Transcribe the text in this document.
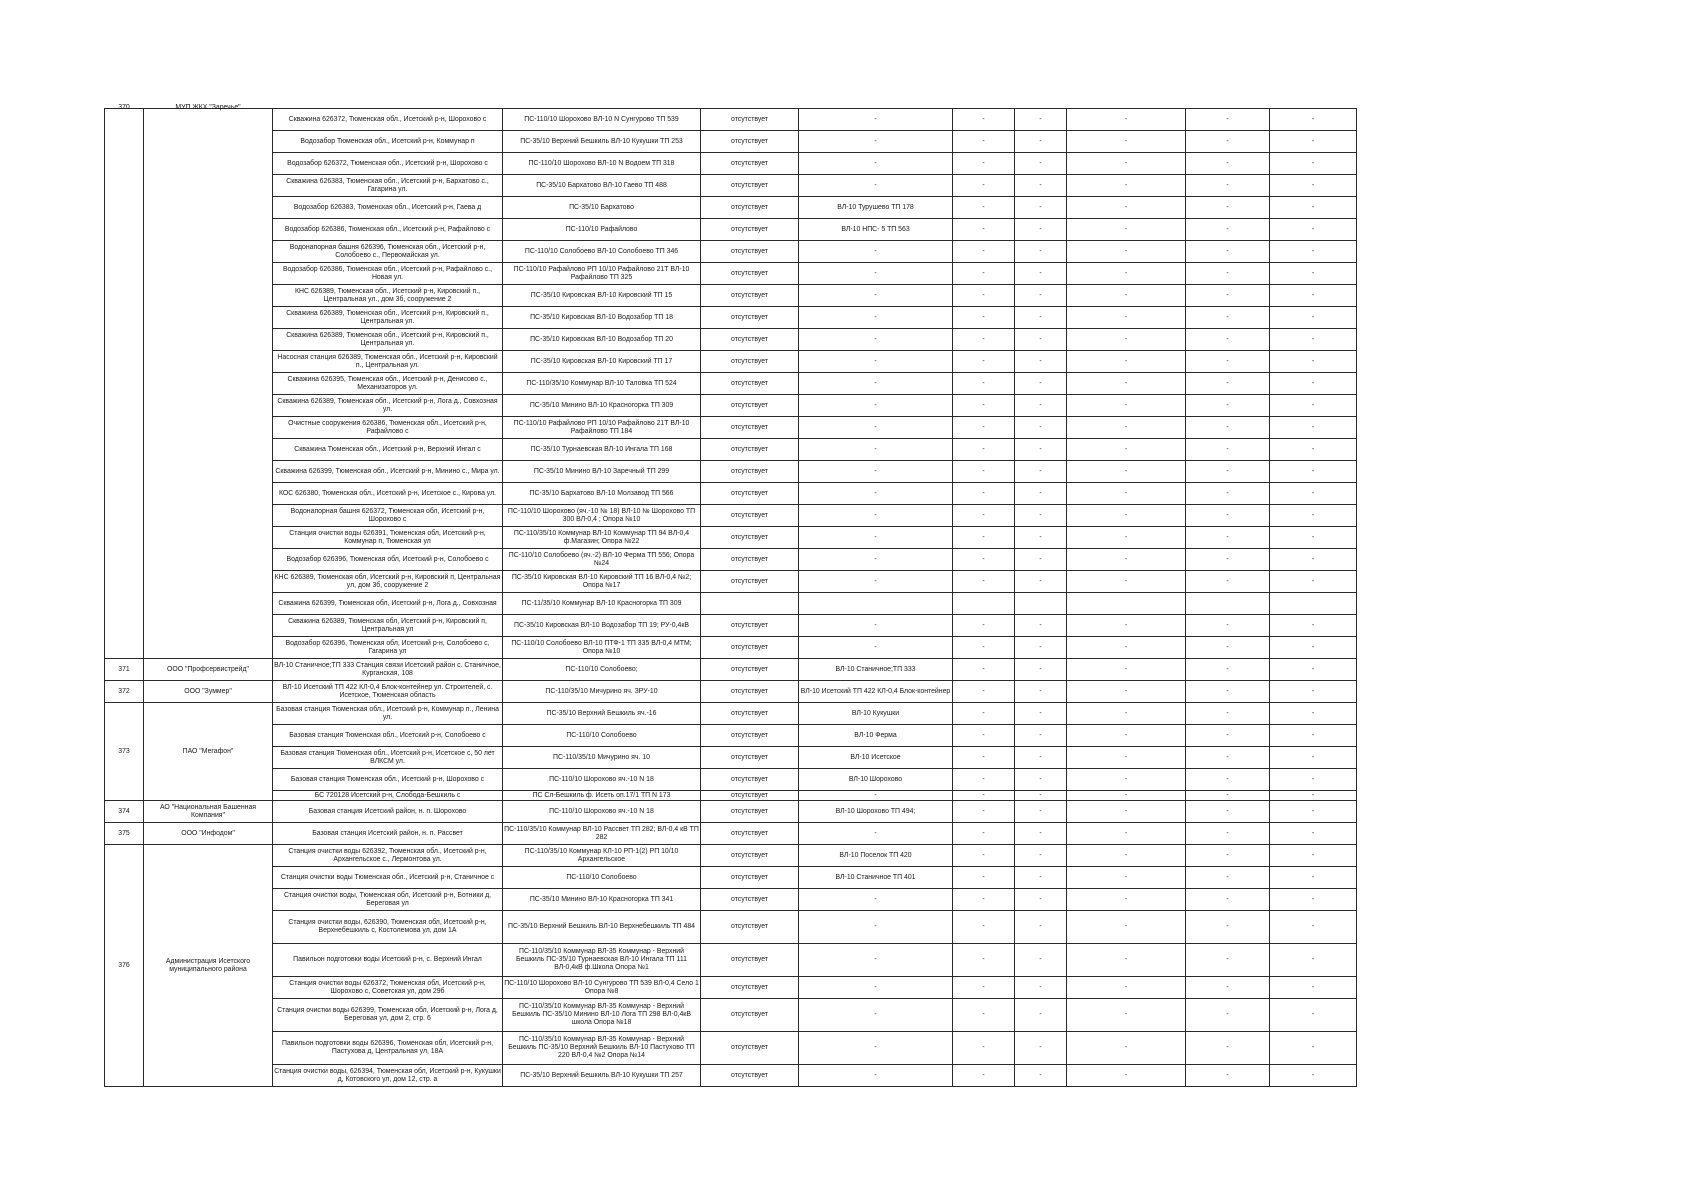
370	МУП ЖКХ "Заречье"	Скважина 626372, Тюменская обл., Исетский р-н, Шорохово с	ПС-110/10 Шорохово ВЛ-10 N Сунгурово ТП 539	отсутствует	-	-	-	-	-	-
		Водозабор Тюменская обл., Исетский р-н, Коммунар п	ПС-35/10 Верхний Бешкиль ВЛ-10 Кукушки ТП 253	отсутствует	-	-	-	-	-	-
		Водозабор 626372, Тюменская обл., Исетский р-н, Шорохово с	ПС-110/10 Шорохово ВЛ-10 N Водоем ТП 318	отсутствует	-	-	-	-	-	-
		Скважина 626383, Тюменская обл., Исетский р-н, Бархатово с., Гагарина ул.	ПС-35/10 Бархатово ВЛ-10 Гаево ТП 488	отсутствует	-	-	-	-	-	-
		Водозабор 626383, Тюменская обл., Исетский р-н, Гаева д	ПС-35/10 Бархатово	отсутствует	ВЛ-10 Турушево ТП 178	-	-	-	-	-
		Водозабор 626386, Тюменская обл., Исетский р-н, Рафайлово с	ПС-110/10 Рафайлово	отсутствует	ВЛ-10 НПС- 5 ТП 563	-	-	-	-	-
		Водонапорная башня 626396, Тюменская обл., Исетский р-н, Солобоево с., Первомайская ул.	ПС-110/10 Солобоево ВЛ-10 Солобоево ТП 346	отсутствует	-	-	-	-	-	-
		Водозабор 626386, Тюменская обл., Исетский р-н, Рафайлово с., Новая ул.	ПС-110/10 Рафайлово РП 10/10 Рафайлово 21Т ВЛ-10 Рафайлово ТП 325	отсутствует	-	-	-	-	-	-
		КНС 626389, Тюменская обл., Исетский р-н, Кировский п., Центральная ул., дом 3б, сооружение 2	ПС-35/10 Кировская ВЛ-10 Кировский ТП 15	отсутствует	-	-	-	-	-	-
		Скважина 626389, Тюменская обл., Исетский р-н, Кировский п., Центральная ул.	ПС-35/10 Кировская ВЛ-10 Водозабор ТП 18	отсутствует	-	-	-	-	-	-
		Скважина 626389, Тюменская обл., Исетский р-н, Кировский п., Центральная ул.	ПС-35/10 Кировская ВЛ-10 Водозабор ТП 20	отсутствует	-	-	-	-	-	-
		Насосная станция 626389, Тюменская обл., Исетский р-н, Кировский п., Центральная ул.	ПС-35/10 Кировская ВЛ-10 Кировский ТП 17	отсутствует	-	-	-	-	-	-
		Скважина 626395, Тюменская обл., Исетский р-н, Денисово с., Механизаторов ул.	ПС-110/35/10 Коммунар ВЛ-10 Таловка ТП 524	отсутствует	-	-	-	-	-	-
		Скважина 626389, Тюменская обл., Исетский р-н, Лога д., Совхозная ул.	ПС-35/10 Минино ВЛ-10 Красногорка ТП 309	отсутствует	-	-	-	-	-	-
		Очистные сооружения 626386, Тюменская обл., Исетский р-н, Рафайлово с	ПС-110/10 Рафайлово РП 10/10 Рафайлово 21Т ВЛ-10 Рафайлово ТП 184	отсутствует	-	-	-	-	-	-
		Скважина Тюменская обл., Исетский р-н, Верхний Ингал с	ПС-35/10 Турнаевская ВЛ-10 Ингала ТП 168	отсутствует	-	-	-	-	-	-
		Скважина 626399, Тюменская обл., Исетский р-н, Минино с., Мира ул.	ПС-35/10 Минино ВЛ-10 Заречный ТП 299	отсутствует	-	-	-	-	-	-
		КОС 626380, Тюменская обл., Исетский р-н, Исетское с., Кирова ул.	ПС-35/10 Бархатово ВЛ-10 Молзавод ТП 566	отсутствует	-	-	-	-	-	-
		Водонапорная башня 626372, Тюменская обл, Исетский р-н, Шорохово с	ПС-110/10 Шорохово (яч.-10 № 18) ВЛ-10 № Шорохово ТП 300 ВЛ-0,4 ; Опора №10	отсутствует	-	-	-	-	-	-
		Станция очистки воды 626391, Тюменская обл, Исетский р-н, Коммунар п, Тюменская ул	ПС-110/35/10 Коммунар ВЛ-10 Коммунар ТП 94 ВЛ-0,4 ф.Магазин; Опора №22	отсутствует	-	-	-	-	-	-
		Водозабор 626396, Тюменская обл, Исетский р-н, Солобоево с	ПС-110/10 Солобоево (яч.-2) ВЛ-10 Ферма ТП 556; Опора №24	отсутствует	-	-	-	-	-	-
		КНС 626389, Тюменская обл, Исетский р-н, Кировский п, Центральная ул, дом 3б, сооружение 2	ПС-35/10 Кировская ВЛ-10 Кировский ТП 16 ВЛ-0,4 №2; Опора №17	отсутствует	-	-	-	-	-	-
		Скважина 626399, Тюменская обл, Исетский р-н, Лога д., Совхозная	ПС-11/35/10 Коммунар ВЛ-10 Красногорка ТП 309							
		Скважина 626389, Тюменская обл, Исетский р-н, Кировский п, Центральная ул	ПС-35/10 Кировская ВЛ-10 Водозабор ТП 19; РУ-0,4кВ	отсутствует	-	-	-	-	-	-
		Водозабор 626396, Тюменская обл, Исетский р-н, Солобоево с, Гагарина ул	ПС-110/10 Солобоево ВЛ-10 ПТФ-1 ТП 335 ВЛ-0,4 МТМ; Опора №10	отсутствует	-	-	-	-	-	-
371	ООО "Профсервистрейд"	ВЛ-10 Станичное;ТП 333 Станция связи Исетский район с. Станичное, Курганская, 108	ПС-110/10 Солобоево;	отсутствует	ВЛ-10 Станичное;ТП 333	-	-	-	-	-
372	ООО "Зуммер"	ВЛ-10 Исетский ТП 422 КЛ-0,4 Блок-контейнер ул. Строителей, с. Исетское, Тюменская область	ПС-110/35/10 Мичурино яч. ЗРУ-10	отсутствует	ВЛ-10 Исетский ТП 422 КЛ-0,4 Блок-контейнер	-	-	-	-	-
373	ПАО "Мегафон"	Базовая станция Тюменская обл., Исетский р-н, Коммунар п., Ленина ул.	ПС-35/10 Верхний Бешкиль яч.-16	отсутствует	ВЛ-10 Кукушки	-	-	-	-	-
		Базовая станция Тюменская обл., Исетский р-н, Солобоево с	ПС-110/10 Солобоево	отсутствует	ВЛ-10 Ферма	-	-	-	-	-
		Базовая станция Тюменская обл., Исетский р-н, Исетское с, 50 лет ВЛКСМ ул.	ПС-110/35/10 Мичурино яч. 10	отсутствует	ВЛ-10 Исетское	-	-	-	-	-
		Базовая станция Тюменская обл., Исетский р-н, Шорохово с	ПС-110/10 Шорохово яч.-10 N 18	отсутствует	ВЛ-10 Шорохово	-	-	-	-	-
		БС 720128 Исетский р-н, Слобода-Бешкиль с	ПС Сл-Бешкиль ф. Исеть оп.17/1 ТП N 173	отсутствует	-	-	-	-	-	-
374	АО "Национальная Башенная Компания"	Базовая станция Исетский район, н. п. Шорохово	ПС-110/10 Шорохово яч.-10 N 18	отсутствует	ВЛ-10 Шорохово ТП 494;	-	-	-	-	-
375	ООО "Инфодом"	Базовая станция Исетский район, н. п. Рассвет	ПС-110/35/10 Коммунар ВЛ-10 Рассвет ТП 282; ВЛ-0,4 кВ ТП 282	отсутствует	-	-	-	-	-	-
376	Администрация Исетского муниципального района	Станция очистки воды 626392, Тюменская обл., Исетский р-н, Архангельское с., Лермонтова ул.	ПС-110/35/10 Коммунар КЛ-10 РП-1(2) РП 10/10 Архангельское	отсутствует	ВЛ-10 Поселок ТП 420	-	-	-	-	-
		Станция очистки воды Тюменская обл., Исетский р-н, Станичное с	ПС-110/10 Солобоево	отсутствует	ВЛ-10 Станичное ТП 401	-	-	-	-	-
		Станция очистки воды, Тюменская обл, Исетский р-н, Ботники д, Береговая ул	ПС-35/10 Минино ВЛ-10 Красногорка ТП 341	отсутствует	-	-	-	-	-	-
		Станция очистки воды, 626390, Тюменская обл, Исетский р-н, Верхнебешкиль с, Костолемова ул, дом 1А	ПС-35/10 Верхний Бешкиль ВЛ-10 Верхнебешкиль ТП 484	отсутствует	-	-	-	-	-	-
		Павильон подготовки воды Исетский р-н, с. Верхний Ингал	ПС-110/35/10 Коммунар ВЛ-35 Коммунар - Верхний Бешкиль ПС-35/10 Турнаевская ВЛ-10 Ингала ТП 111 ВЛ-0,4кВ ф.Школа Опора №1	отсутствует	-	-	-	-	-	-
		Станция очистки воды 626372, Тюменская обл, Исетский р-н, Шорохово с, Советская ул, дом 29б	ПС-110/10 Шорохово ВЛ-10 Сунгурово ТП 539 ВЛ-0,4 Село 1 Опора №8	отсутствует	-	-	-	-	-	-
		Станция очистки воды 626399, Тюменская обл, Исетский р-н, Лога д, Береговая ул, дом 2, стр. 6	ПС-110/35/10 Коммунар ВЛ-35 Коммунар - Верхний Бешкиль ПС-35/10 Минино ВЛ-10 Лога ТП 298 ВЛ-0,4кВ школа Опора №18	отсутствует	-	-	-	-	-	-
		Павильон подготовки воды 626396, Тюменская обл, Исетский р-н, Пастухова д, Центральная ул, 18А	ПС-110/35/10 Коммунар ВЛ-35 Коммунар - Верхний Бешкиль ПС-35/10 Верхний Бешкиль ВЛ-10 Пастухово ТП 220 ВЛ-0,4 №2 Опора №14	отсутствует	-	-	-	-	-	-
		Станция очистки воды, 626394, Тюменская обл, Исетский р-н, Кукушки д, Котовского ул, дом 12, стр. а	ПС-35/10 Верхний Бешкиль ВЛ-10 Кукушки ТП 257	отсутствует	-	-	-	-	-	-
